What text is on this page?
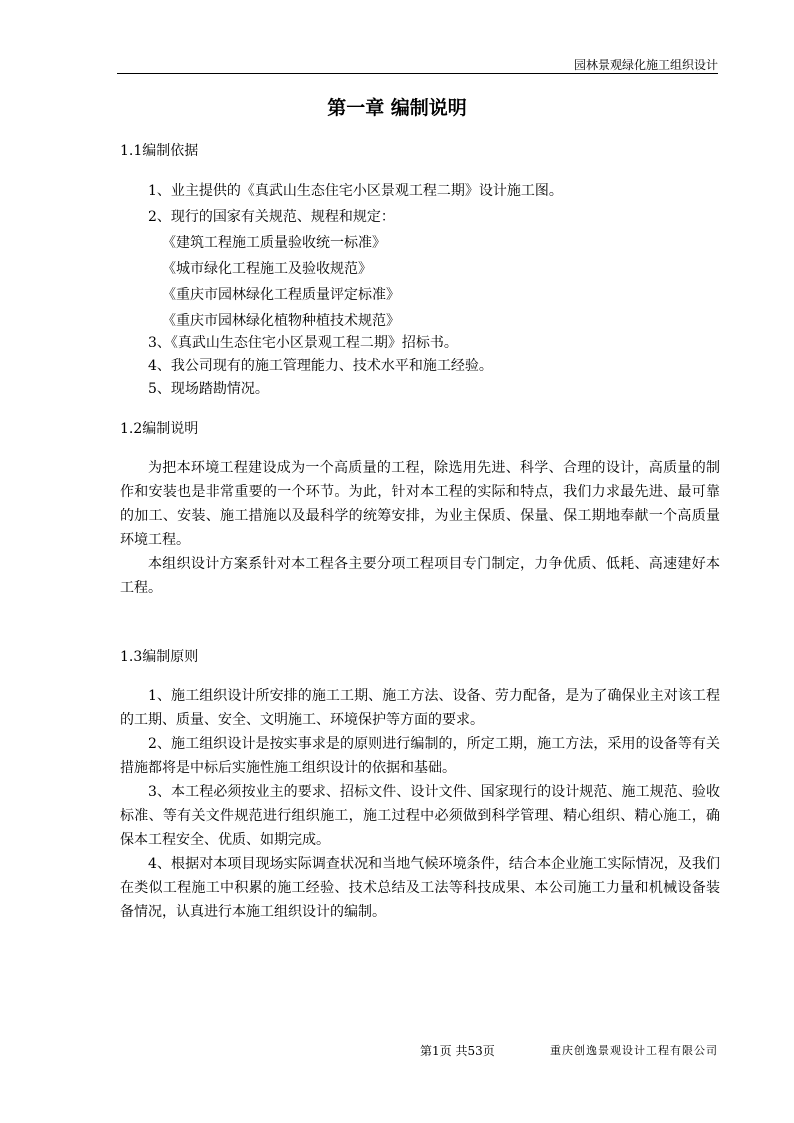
园林景观绿化施工组织设计
第一章 编制说明
1.1编制依据
1、业主提供的《真武山生态住宅小区景观工程二期》设计施工图。
2、现行的国家有关规范、规程和规定：
《建筑工程施工质量验收统一标准》
《城市绿化工程施工及验收规范》
《重庆市园林绿化工程质量评定标准》
《重庆市园林绿化植物种植技术规范》
3、《真武山生态住宅小区景观工程二期》招标书。
4、我公司现有的施工管理能力、技术水平和施工经验。
5、现场踏勘情况。
1.2编制说明

为把本环境工程建设成为一个高质量的工程，除选用先进、科学、合理的设计，高质量的制作和安装也是非常重要的一个环节。为此，针对本工程的实际和特点，我们力求最先进、最可靠的加工、安装、施工措施以及最科学的统筹安排，为业主保质、保量、保工期地奉献一个高质量环境工程。

本组织设计方案系针对本工程各主要分项工程项目专门制定，力争优质、低耗、高速建好本工程。

1.3编制原则

1、施工组织设计所安排的施工工期、施工方法、设备、劳力配备，是为了确保业主对该工程的工期、质量、安全、文明施工、环境保护等方面的要求。

2、施工组织设计是按实事求是的原则进行编制的，所定工期，施工方法，采用的设备等有关措施都将是中标后实施性施工组织设计的依据和基础。

3、本工程必须按业主的要求、招标文件、设计文件、国家现行的设计规范、施工规范、验收标准、等有关文件规范进行组织施工，施工过程中必须做到科学管理、精心组织、精心施工，确保本工程安全、优质、如期完成。

4、根据对本项目现场实际调查状况和当地气候环境条件，结合本企业施工实际情况，及我们在类似工程施工中积累的施工经验、技术总结及工法等科技成果、本公司施工力量和机械设备装备情况，认真进行本施工组织设计的编制。

第1页 共53页	重庆创逸景观设计工程有限公司
